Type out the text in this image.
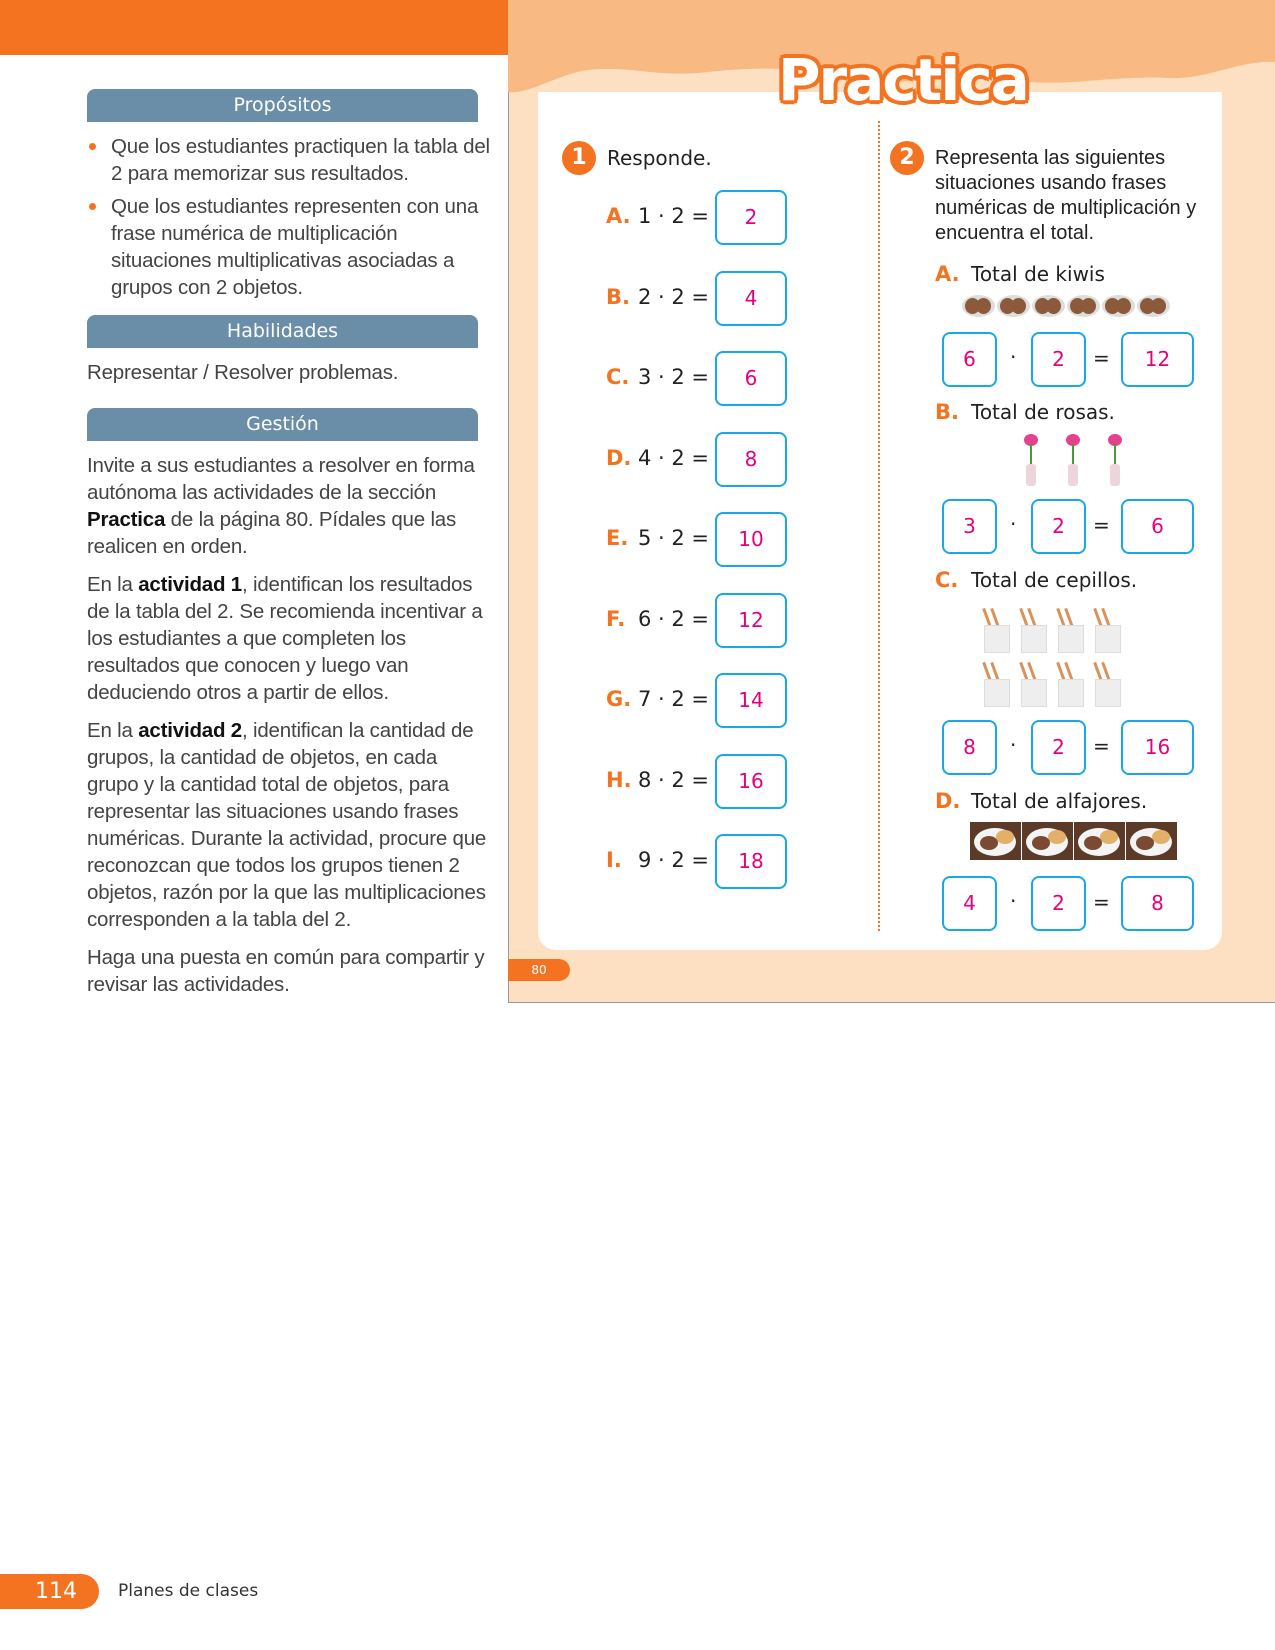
Propósitos
Que los estudiantes practiquen la tabla del 2 para memorizar sus resultados.
Que los estudiantes representen con una frase numérica de multiplicación situaciones multiplicativas asociadas a grupos con 2 objetos.
Habilidades
Representar / Resolver problemas.
Gestión

Invite a sus estudiantes a resolver en forma autónoma las actividades de la sección Practica de la página 80. Pídales que las realicen en orden.

En la actividad 1, identifican los resultados de la tabla del 2. Se recomienda incentivar a los estudiantes a que completen los resultados que conocen y luego van deduciendo otros a partir de ellos.

En la actividad 2, identifican la cantidad de grupos, la cantidad de objetos, en cada grupo y la cantidad total de objetos, para representar las situaciones usando frases numéricas. Durante la actividad, procure que reconozcan que todos los grupos tienen 2 objetos, razón por la que las multiplicaciones corresponden a la tabla del 2.

Haga una puesta en común para compartir y revisar las actividades.

Practica
1	Responde.
A. 1 · 2 =	2
B. 2 · 2 =	4
C. 3 · 2 =	6
D. 4 · 2 =	8
E. 5 · 2 =	10
F. 6 · 2 =	12
G. 7 · 2 =	14
H. 8 · 2 =	16
I. 9 · 2 =	18
2	Representa las siguientes situaciones usando frases numéricas de multiplicación y encuentra el total.

A. Total de kiwis
6	·	2	=	12
B. Total de rosas.
3	·	2	=	6
C. Total de cepillos.
8	·	2	=	16
D. Total de alfajores.
4	·	2	=	8
80
114	Planes de clases
